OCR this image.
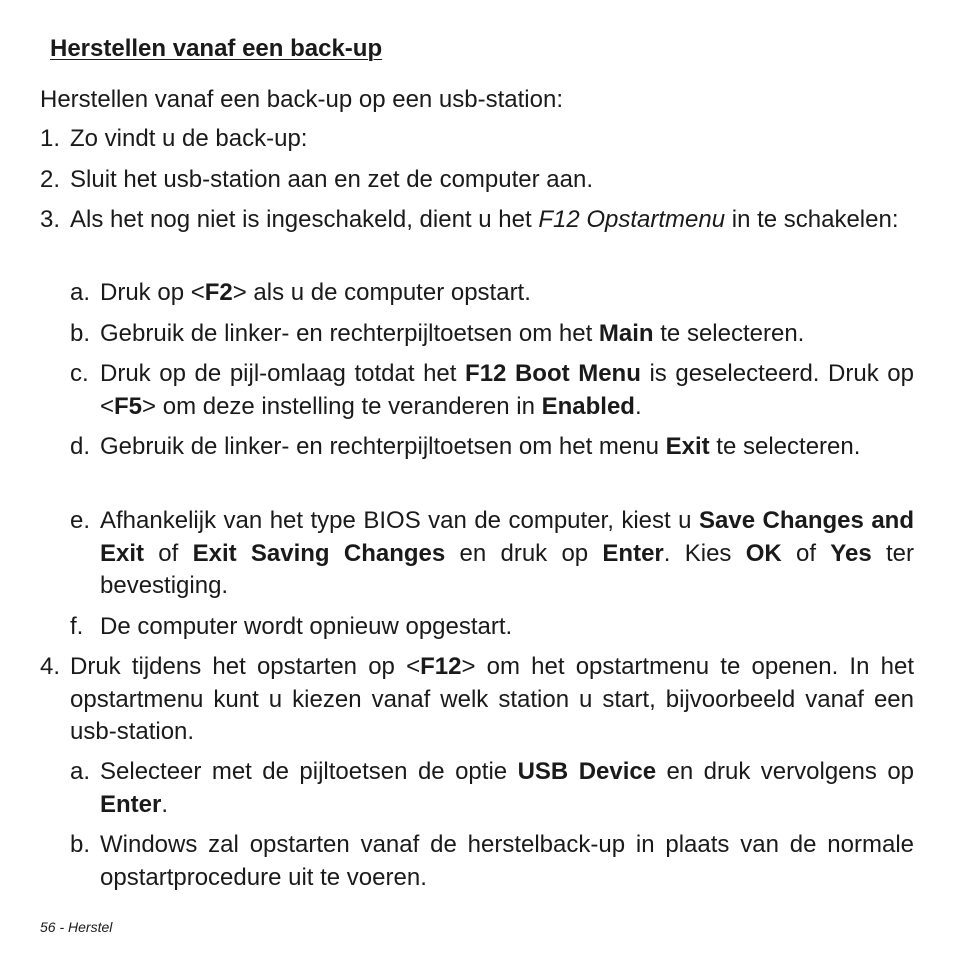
Herstellen vanaf een back-up

Herstellen vanaf een back-up op een usb-station:

1. Zo vindt u de back-up:
2. Sluit het usb-station aan en zet de computer aan.
3. Als het nog niet is ingeschakeld, dient u het F12 Opstartmenu in te schakelen:
a. Druk op <F2> als u de computer opstart.
b. Gebruik de linker- en rechterpijltoetsen om het Main te selecteren.
c. Druk op de pijl-omlaag totdat het F12 Boot Menu is geselecteerd. Druk op <F5> om deze instelling te veranderen in Enabled.
d. Gebruik de linker- en rechterpijltoetsen om het menu Exit te selecteren.
e. Afhankelijk van het type BIOS van de computer, kiest u Save Changes and Exit of Exit Saving Changes en druk op Enter. Kies OK of Yes ter bevestiging.
f. De computer wordt opnieuw opgestart.
4. Druk tijdens het opstarten op <F12> om het opstartmenu te openen. In het opstartmenu kunt u kiezen vanaf welk station u start, bijvoorbeeld vanaf een usb-station.
a. Selecteer met de pijltoetsen de optie USB Device en druk vervolgens op Enter.
b. Windows zal opstarten vanaf de herstelback-up in plaats van de normale opstartprocedure uit te voeren.
56 - Herstel
